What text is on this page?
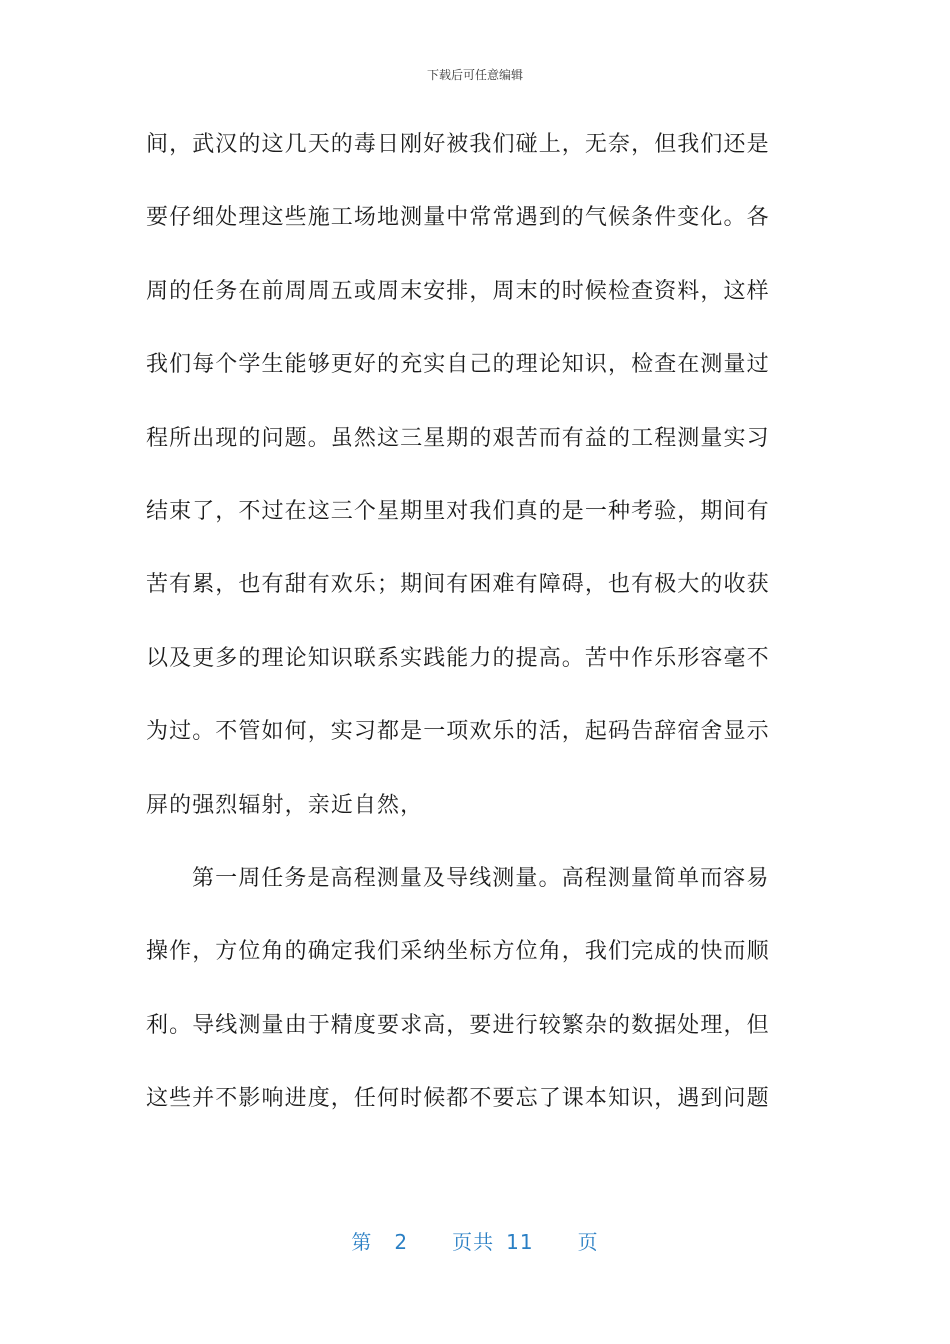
下载后可任意编辑
间，武汉的这几天的毒日刚好被我们碰上，无奈，但我们还是
要仔细处理这些施工场地测量中常常遇到的气候条件变化。各
周的任务在前周周五或周末安排，周末的时候检查资料，这样
我们每个学生能够更好的充实自己的理论知识，检查在测量过
程所出现的问题。虽然这三星期的艰苦而有益的工程测量实习
结束了，不过在这三个星期里对我们真的是一种考验，期间有
苦有累，也有甜有欢乐；期间有困难有障碍，也有极大的收获
以及更多的理论知识联系实践能力的提高。苦中作乐形容毫不
为过。不管如何，实习都是一项欢乐的活，起码告辞宿舍显示
屏的强烈辐射，亲近自然，
第一周任务是高程测量及导线测量。高程测量简单而容易
操作，方位角的确定我们采纳坐标方位角，我们完成的快而顺
利。导线测量由于精度要求高，要进行较繁杂的数据处理，但
这些并不影响进度，任何时候都不要忘了课本知识，遇到问题
第 2 页共 11 页
